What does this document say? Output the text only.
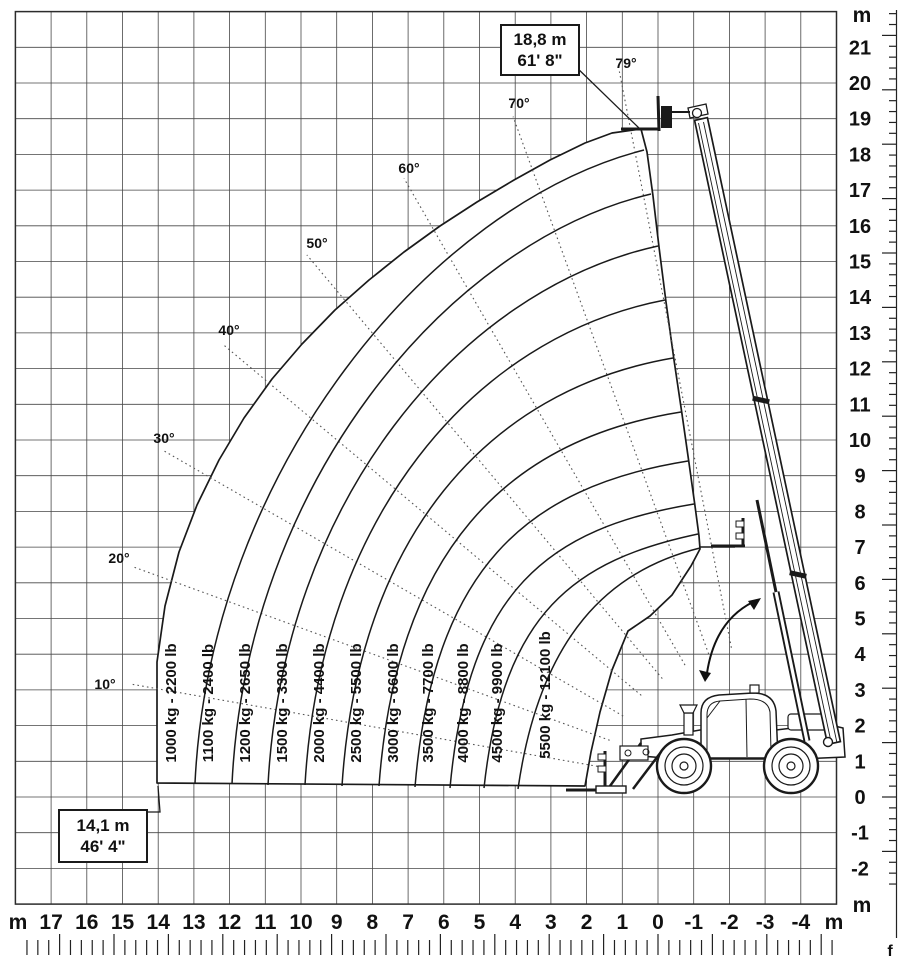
10°
20°
30°
40°
50°
60°
70°
79°
1000 kg - 2200 lb 1100 kg - 2400 lb 1200 kg - 2650 lb 1500 kg - 3300 lb 2000 kg - 4400 lb 2500 kg - 5500 lb 3000 kg - 6600 lb 3500 kg - 7700 lb 4000 kg - 8800 lb 4500 kg - 9900 lb 5500 kg - 12100 lb
m 17 16 15 14 13 12 11 10 9 8 7 6 5 4 3 2 1 0 -1 -2 -3 -4 m
m
21
20
19
18
17
16
15
14
13
12
11
10
9
8
7
6
5
4
3
2
1
0
-1
-2
m
f
18,8 m
61' 8"
14,1 m
46' 4"
